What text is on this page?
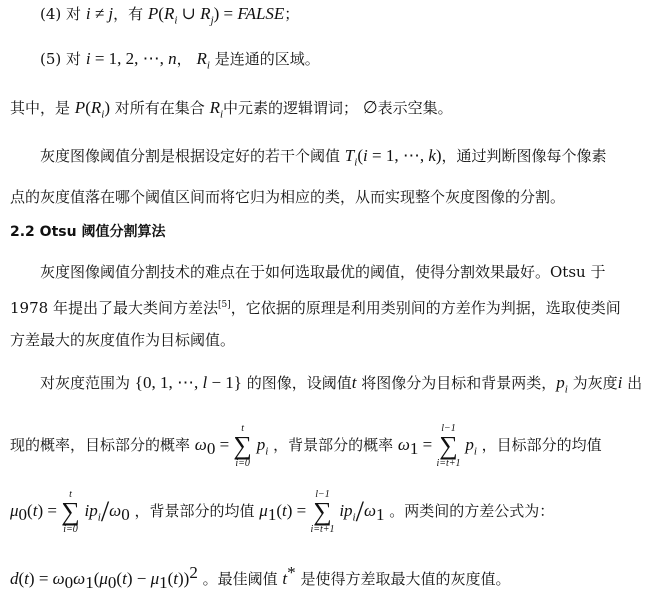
(4) 对 i ≠ j，有 $P(R_i$ ∪ $R_j$) = FALSE；
(5) 对 i = 1, 2, ⋯, n， $R_i$ 是连通的区域。
其中，是 $P(R_i)$ 对所有在集合 $R_i$中元素的逻辑谓词； ∅表示空集。
灰度图像阈值分割是根据设定好的若干个阈值 $T_i(i = 1$, ⋯, k)，通过判断图像每个像素
点的灰度值落在哪个阈值区间而将它归为相应的类，从而实现整个灰度图像的分割。
2.2 Otsu 阈值分割算法
灰度图像阈值分割技术的难点在于如何选取最优的阈值，使得分割效果最好。Otsu 于
1978 年提出了最大类间方差法[5]，它依据的原理是利用类别间的方差作为判据，选取使类间
方差最大的灰度值作为目标阈值。
对灰度范围为 {0, 1, ⋯, l − 1} 的图像，设阈值t 将图像分为目标和背景两类，$p_i$ 为灰度i 出
现的概率，目标部分的概率 $\omega_0$ =
t
∑
i=0
$p_i$ ，背景部分的概率 $\omega_1$ =
l−1
∑
i=t+1
$p_i$ ，目标部分的均值
$\mu_0(t)$ =
t
∑
i=0
$ip_i/\omega_0$ ，背景部分的均值 $\mu_1(t)$ =
l−1
∑
i=t+1
$ip_i/\omega_1$ 。两类间的方差公式为：
$d(t) = \omega_0\omega_1(\mu_0(t) - \mu_1(t))^2$ 。最佳阈值 t* 是使得方差取最大值的灰度值。
